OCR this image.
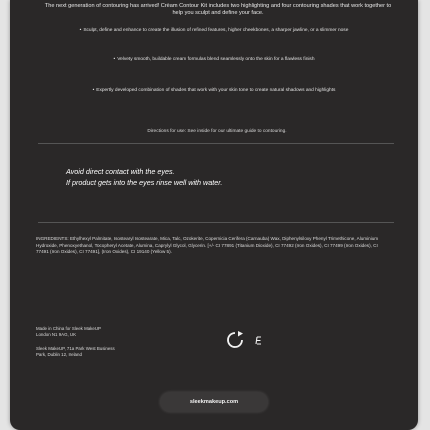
The next generation of contouring has arrived! Crèam Contour Kit includes two highlighting and four contouring shades that work together to help you sculpt and define your face.
• Sculpt, define and enhance to create the illusion of refined features, higher cheekbones, a sharper jawline, or a slimmer nose
• Velvety smooth, buildable cream formulas blend seamlessly onto the skin for a flawless finish
• Expertly developed combination of shades that work with your skin tone to create natural shadows and highlights
Directions for use: See inside for our ultimate guide to contouring.
Avoid direct contact with the eyes.
If product gets into the eyes rinse well with water.
INGREDIENTS: Ethylhexyl Palmitate, Isostearyl Isostearate, Mica, Talc, Ozokerite, Copernicia Cerifera (Carnauba) Wax, Diphenylsiloxy Phenyl Trimethicone, Aluminium Hydroxide, Phenoxyethanol, Tocopheryl Acetate, Alumina, Caprylyl Glycol, Glycerin. [+/- CI 77891 (Titanium Dioxide), CI 77492 (Iron Oxides), CI 77499 (Iron Oxides), CI 77491 (Iron Oxides), CI 77491], (Iron Oxides), CI 19140 (Yellow 5).
Made in China for Sleek MakeUP
London N1 9AG, UK
Sleek MakeUP, 71a Park West Business
Park, Dublin 12, Ireland
sleekmakeup.com
